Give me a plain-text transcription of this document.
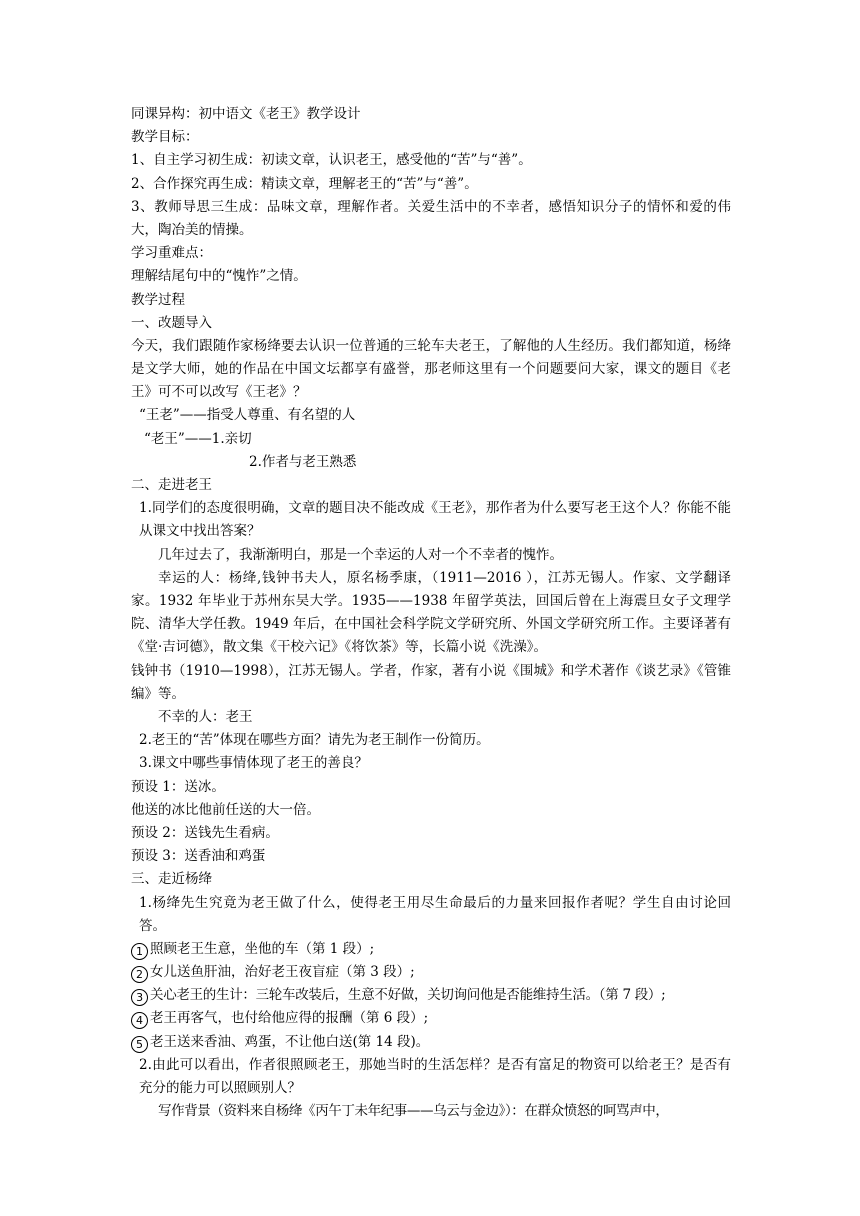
同课异构：初中语文《老王》教学设计

教学目标：

1、自主学习初生成：初读文章，认识老王，感受他的“苦”与“善”。

2、合作探究再生成：精读文章，理解老王的“苦”与“善”。

3、教师导思三生成：品味文章，理解作者。关爱生活中的不幸者，感悟知识分子的情怀和爱的伟大，陶冶美的情操。

学习重难点：

理解结尾句中的“愧怍”之情。

教学过程

一、改题导入

今天，我们跟随作家杨绛要去认识一位普通的三轮车夫老王，了解他的人生经历。我们都知道，杨绛是文学大师，她的作品在中国文坛都享有盛誉，那老师这里有一个问题要问大家，课文的题目《老王》可不可以改写《王老》？

“王老”——指受人尊重、有名望的人

“老王”——1.亲切

2.作者与老王熟悉

二、走进老王

1.同学们的态度很明确，文章的题目决不能改成《王老》，那作者为什么要写老王这个人？你能不能从课文中找出答案？

几年过去了，我渐渐明白，那是一个幸运的人对一个不幸者的愧怍。

幸运的人：杨绛,钱钟书夫人，原名杨季康，（1911—2016 ），江苏无锡人。作家、文学翻译家。1932 年毕业于苏州东吴大学。1935——1938 年留学英法，回国后曾在上海震旦女子文理学院、清华大学任教。1949 年后，在中国社会科学院文学研究所、外国文学研究所工作。主要译著有《堂·吉诃德》，散文集《干校六记》《将饮茶》等，长篇小说《洗澡》。

钱钟书（1910—1998），江苏无锡人。学者，作家，著有小说《围城》和学术著作《谈艺录》《管锥编》等。

不幸的人：老王

2.老王的“苦”体现在哪些方面？请先为老王制作一份简历。

3.课文中哪些事情体现了老王的善良？

预设 1：送冰。

他送的冰比他前任送的大一倍。

预设 2：送钱先生看病。

预设 3：送香油和鸡蛋

三、走近杨绛

1.杨绛先生究竟为老王做了什么，使得老王用尽生命最后的力量来回报作者呢？学生自由讨论回答。

1 照顾老王生意，坐他的车（第 1 段）;
2 女儿送鱼肝油，治好老王夜盲症（第 3 段）;
3 关心老王的生计：三轮车改装后，生意不好做，关切询问他是否能维持生活。（第 7 段）;
4 老王再客气，也付给他应得的报酬（第 6 段）;
5 老王送来香油、鸡蛋，不让他白送(第 14 段)。

2.由此可以看出，作者很照顾老王，那她当时的生活怎样？是否有富足的物资可以给老王？是否有充分的能力可以照顾别人？

写作背景（资料来自杨绛《丙午丁未年纪事——乌云与金边》）：在群众愤怒的呵骂声中，
